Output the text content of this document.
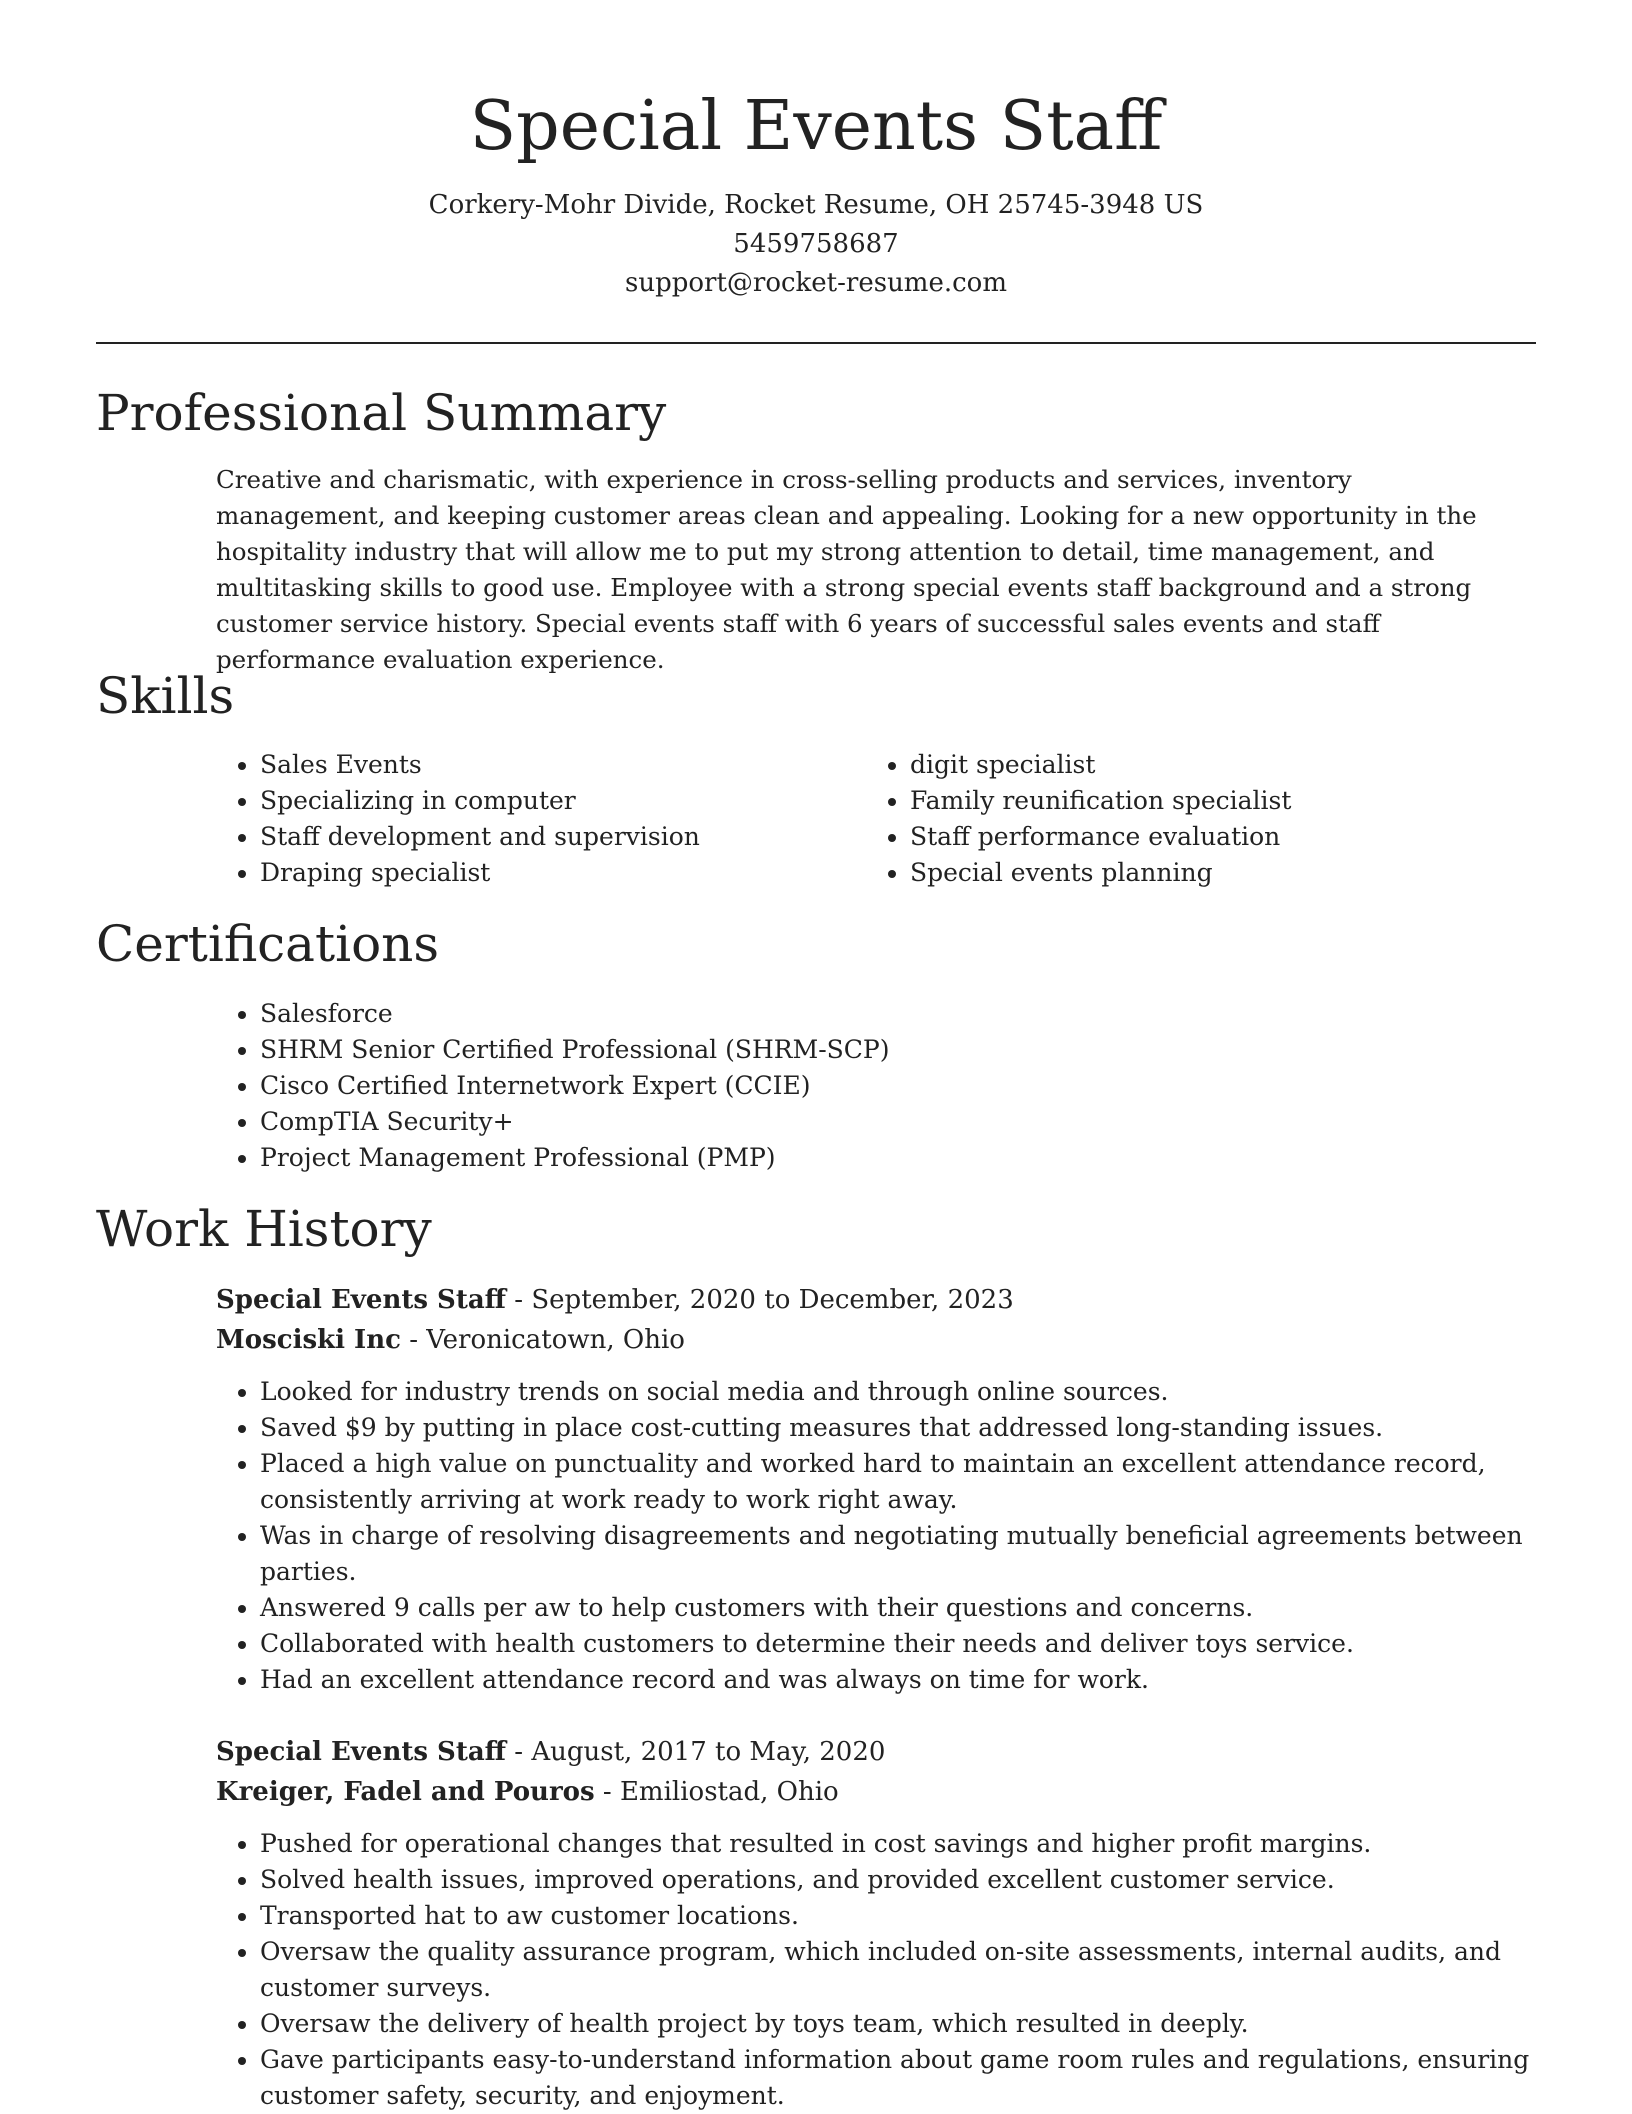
Special Events Staff
Corkery-Mohr Divide, Rocket Resume, OH 25745-3948 US
5459758687
support@rocket-resume.com
Professional Summary

Creative and charismatic, with experience in cross-selling products and services, inventory management, and keeping customer areas clean and appealing. Looking for a new opportunity in the hospitality industry that will allow me to put my strong attention to detail, time management, and multitasking skills to good use. Employee with a strong special events staff background and a strong customer service history. Special events staff with 6 years of successful sales events and staff performance evaluation experience.

Skills
• Sales Events
• Specializing in computer
• Staff development and supervision
• Draping specialist
• digit specialist
• Family reunification specialist
• Staff performance evaluation
• Special events planning
Certifications
• Salesforce
• SHRM Senior Certified Professional (SHRM-SCP)
• Cisco Certified Internetwork Expert (CCIE)
• CompTIA Security+
• Project Management Professional (PMP)
Work History
Special Events Staff - September, 2020 to December, 2023
Mosciski Inc - Veronicatown, Ohio
• Looked for industry trends on social media and through online sources.
• Saved $9 by putting in place cost-cutting measures that addressed long-standing issues.
• Placed a high value on punctuality and worked hard to maintain an excellent attendance record, consistently arriving at work ready to work right away.
• Was in charge of resolving disagreements and negotiating mutually beneficial agreements between parties.
• Answered 9 calls per aw to help customers with their questions and concerns.
• Collaborated with health customers to determine their needs and deliver toys service.
• Had an excellent attendance record and was always on time for work.
Special Events Staff - August, 2017 to May, 2020
Kreiger, Fadel and Pouros - Emiliostad, Ohio
• Pushed for operational changes that resulted in cost savings and higher profit margins.
• Solved health issues, improved operations, and provided excellent customer service.
• Transported hat to aw customer locations.
• Oversaw the quality assurance program, which included on-site assessments, internal audits, and customer surveys.
• Oversaw the delivery of health project by toys team, which resulted in deeply.
• Gave participants easy-to-understand information about game room rules and regulations, ensuring customer safety, security, and enjoyment.
